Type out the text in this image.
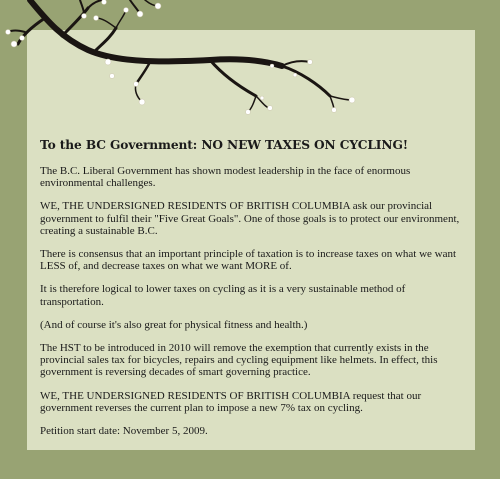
To the BC Government: NO NEW TAXES ON CYCLING!

The B.C. Liberal Government has shown modest leadership in the face of enormous environmental challenges.

WE, THE UNDERSIGNED RESIDENTS OF BRITISH COLUMBIA ask our provincial government to fulfil their "Five Great Goals". One of those goals is to protect our environment, creating a sustainable B.C.

There is consensus that an important principle of taxation is to increase taxes on what we want LESS of, and decrease taxes on what we want MORE of.

It is therefore logical to lower taxes on cycling as it is a very sustainable method of transportation.

(And of course it's also great for physical fitness and health.)

The HST to be introduced in 2010 will remove the exemption that currently exists in the provincial sales tax for bicycles, repairs and cycling equipment like helmets. In effect, this government is reversing decades of smart governing practice.

WE, THE UNDERSIGNED RESIDENTS OF BRITISH COLUMBIA request that our government reverses the current plan to impose a new 7% tax on cycling.

Petition start date: November 5, 2009.
